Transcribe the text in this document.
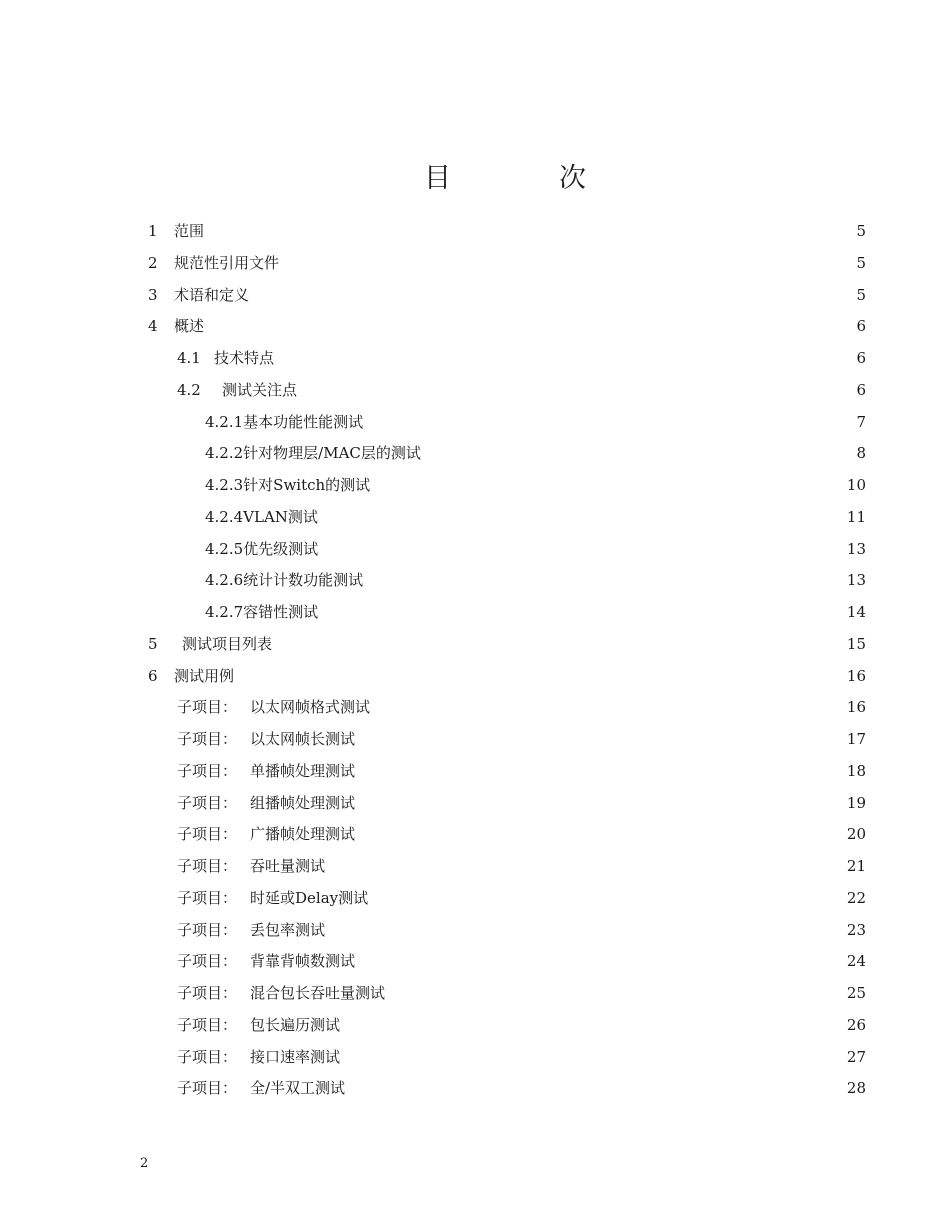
目	次
1 范围	5
2 规范性引用文件	5
3 术语和定义	5
4 概述	6
4.1 技术特点	6
4.2 测试关注点	6
4.2.1基本功能性能测试	7
4.2.2针对物理层/MAC层的测试	8
4.2.3针对Switch的测试	10
4.2.4VLAN测试	11
4.2.5优先级测试	13
4.2.6统计计数功能测试	13
4.2.7容错性测试	14
5 测试项目列表	15
6 测试用例	16
子项目： 以太网帧格式测试	16
子项目： 以太网帧长测试	17
子项目： 单播帧处理测试	18
子项目： 组播帧处理测试	19
子项目： 广播帧处理测试	20
子项目： 吞吐量测试	21
子项目： 时延或Delay测试	22
子项目： 丢包率测试	23
子项目： 背靠背帧数测试	24
子项目： 混合包长吞吐量测试	25
子项目： 包长遍历测试	26
子项目： 接口速率测试	27
子项目： 全/半双工测试	28
2
